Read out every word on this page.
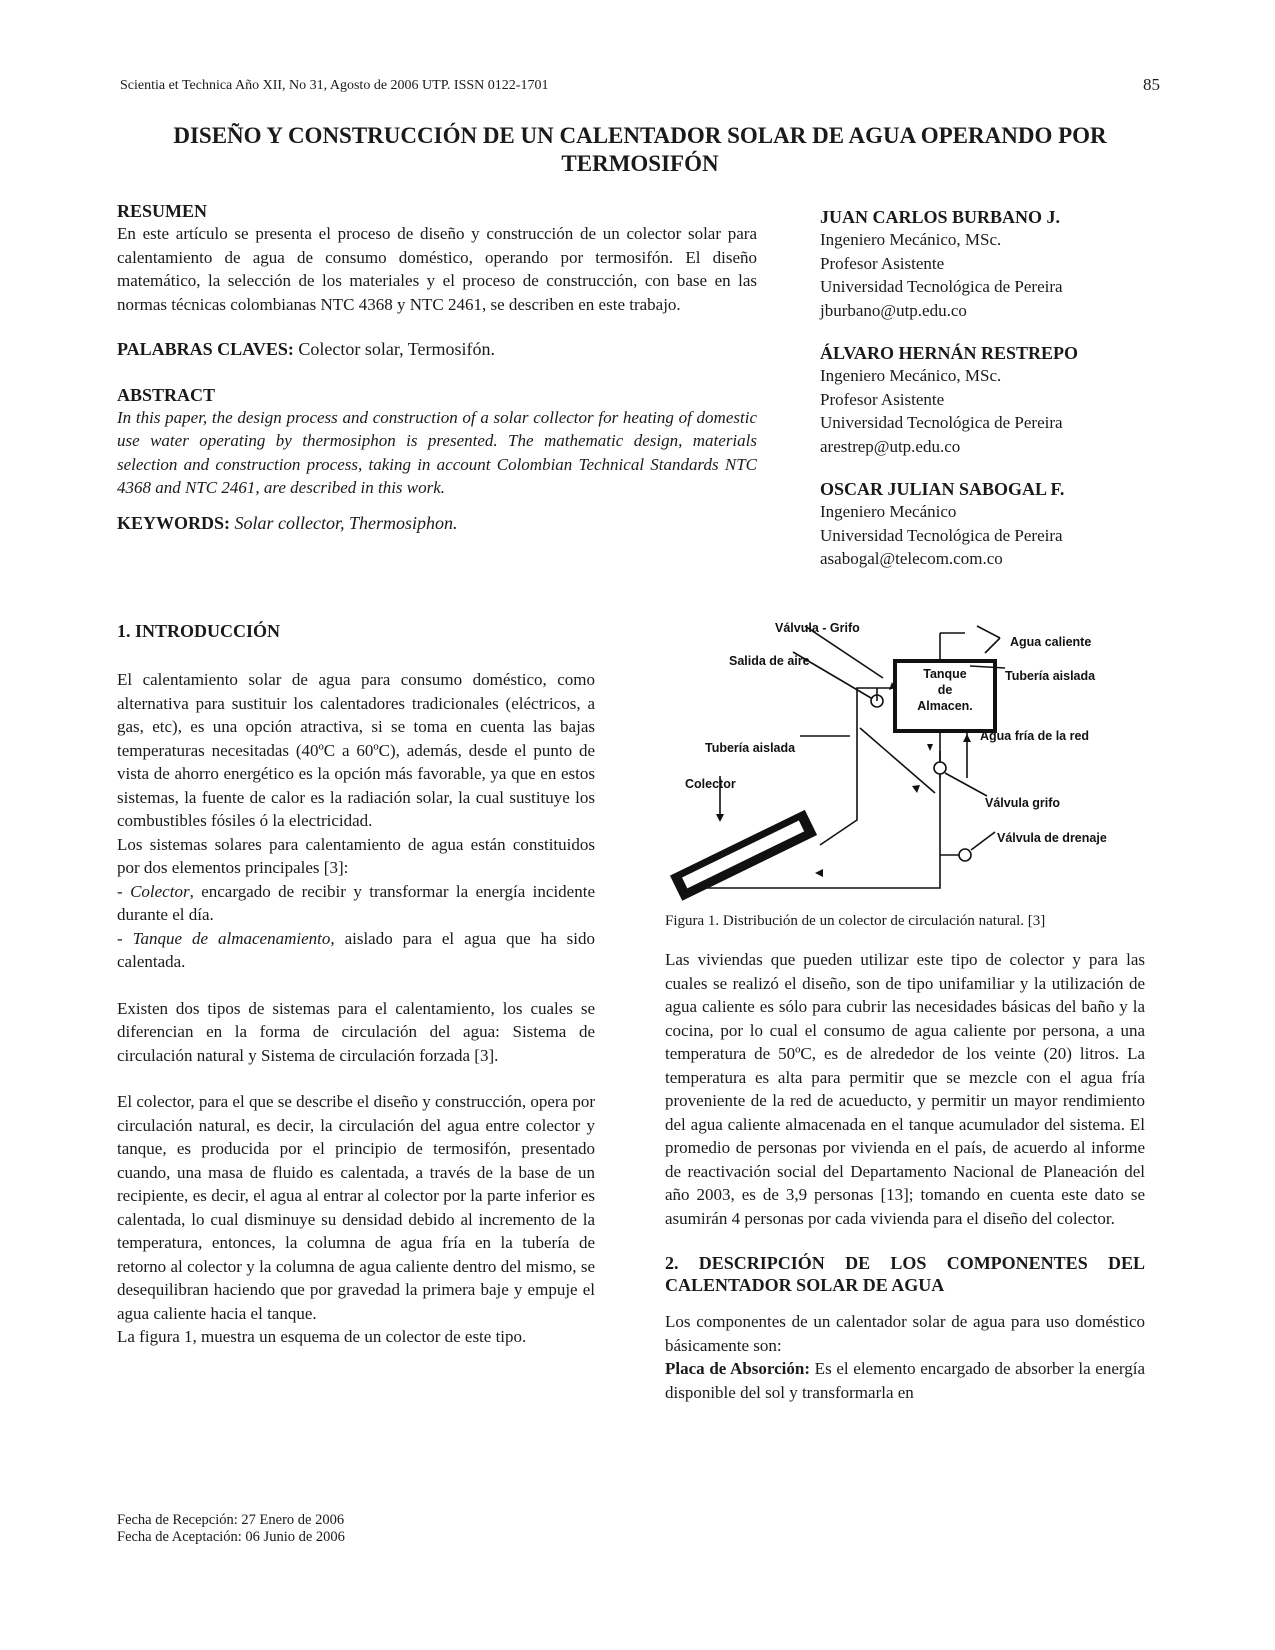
Scientia et Technica Año XII, No 31, Agosto de 2006 UTP. ISSN 0122-1701	85
DISEÑO Y CONSTRUCCIÓN DE UN CALENTADOR SOLAR DE AGUA OPERANDO POR
TERMOSIFÓN
RESUMEN
En este artículo se presenta el proceso de diseño y construcción de un colector solar para calentamiento de agua de consumo doméstico, operando por termosifón. El diseño matemático, la selección de los materiales y el proceso de construcción, con base en las normas técnicas colombianas NTC 4368 y NTC 2461, se describen en este trabajo.
PALABRAS CLAVES: Colector solar, Termosifón.
ABSTRACT
In this paper, the design process and construction of a solar collector for heating of domestic use water operating by thermosiphon is presented. The mathematic design, materials selection and construction process, taking in account Colombian Technical Standards NTC 4368 and NTC 2461, are described in this work.
KEYWORDS: Solar collector, Thermosiphon.
JUAN CARLOS BURBANO J.
Ingeniero Mecánico, MSc.
Profesor Asistente
Universidad Tecnológica de Pereira
jburbano@utp.edu.co
ÁLVARO HERNÁN RESTREPO
Ingeniero Mecánico, MSc.
Profesor Asistente
Universidad Tecnológica de Pereira
arestrep@utp.edu.co
OSCAR JULIAN SABOGAL F.
Ingeniero Mecánico
Universidad Tecnológica de Pereira
asabogal@telecom.com.co
1. INTRODUCCIÓN
El calentamiento solar de agua para consumo doméstico, como alternativa para sustituir los calentadores tradicionales (eléctricos, a gas, etc), es una opción atractiva, si se toma en cuenta las bajas temperaturas necesitadas (40ºC a 60ºC), además, desde el punto de vista de ahorro energético es la opción más favorable, ya que en estos sistemas, la fuente de calor es la radiación solar, la cual sustituye los combustibles fósiles ó la electricidad.
Los sistemas solares para calentamiento de agua están constituidos por dos elementos principales [3]:
- Colector, encargado de recibir y transformar la energía incidente durante el día.
- Tanque de almacenamiento, aislado para el agua que ha sido calentada.
Existen dos tipos de sistemas para el calentamiento, los cuales se diferencian en la forma de circulación del agua: Sistema de circulación natural y Sistema de circulación forzada [3].
El colector, para el que se describe el diseño y construcción, opera por circulación natural, es decir, la circulación del agua entre colector y tanque, es producida por el principio de termosifón, presentado cuando, una masa de fluido es calentada, a través de la base de un recipiente, es decir, el agua al entrar al colector por la parte inferior es calentada, lo cual disminuye su densidad debido al incremento de la temperatura, entonces, la columna de agua fría en la tubería de retorno al colector y la columna de agua caliente dentro del mismo, se desequilibran haciendo que por gravedad la primera baje y empuje el agua caliente hacia el tanque.
La figura 1, muestra un esquema de un colector de este tipo.
Fecha de Recepción: 27 Enero de 2006
Fecha de Aceptación: 06 Junio de 2006
Válvula - Grifo
Agua caliente
Salida de aire
Tanque
de
Almacen.
Tubería aislada
Agua fría de la red
Tubería aislada
Colector
Válvula grifo
Válvula de drenaje
Figura 1. Distribución de un colector de circulación natural. [3]
Las viviendas que pueden utilizar este tipo de colector y para las cuales se realizó el diseño, son de tipo unifamiliar y la utilización de agua caliente es sólo para cubrir las necesidades básicas del baño y la cocina, por lo cual el consumo de agua caliente por persona, a una temperatura de 50ºC, es de alrededor de los veinte (20) litros. La temperatura es alta para permitir que se mezcle con el agua fría proveniente de la red de acueducto, y permitir un mayor rendimiento del agua caliente almacenada en el tanque acumulador del sistema. El promedio de personas por vivienda en el país, de acuerdo al informe de reactivación social del Departamento Nacional de Planeación del año 2003, es de 3,9 personas [13]; tomando en cuenta este dato se asumirán 4 personas por cada vivienda para el diseño del colector.
2. DESCRIPCIÓN DE LOS COMPONENTES DEL
CALENTADOR SOLAR DE AGUA
Los componentes de un calentador solar de agua para uso doméstico básicamente son:
Placa de Absorción: Es el elemento encargado de absorber la energía disponible del sol y transformarla en
